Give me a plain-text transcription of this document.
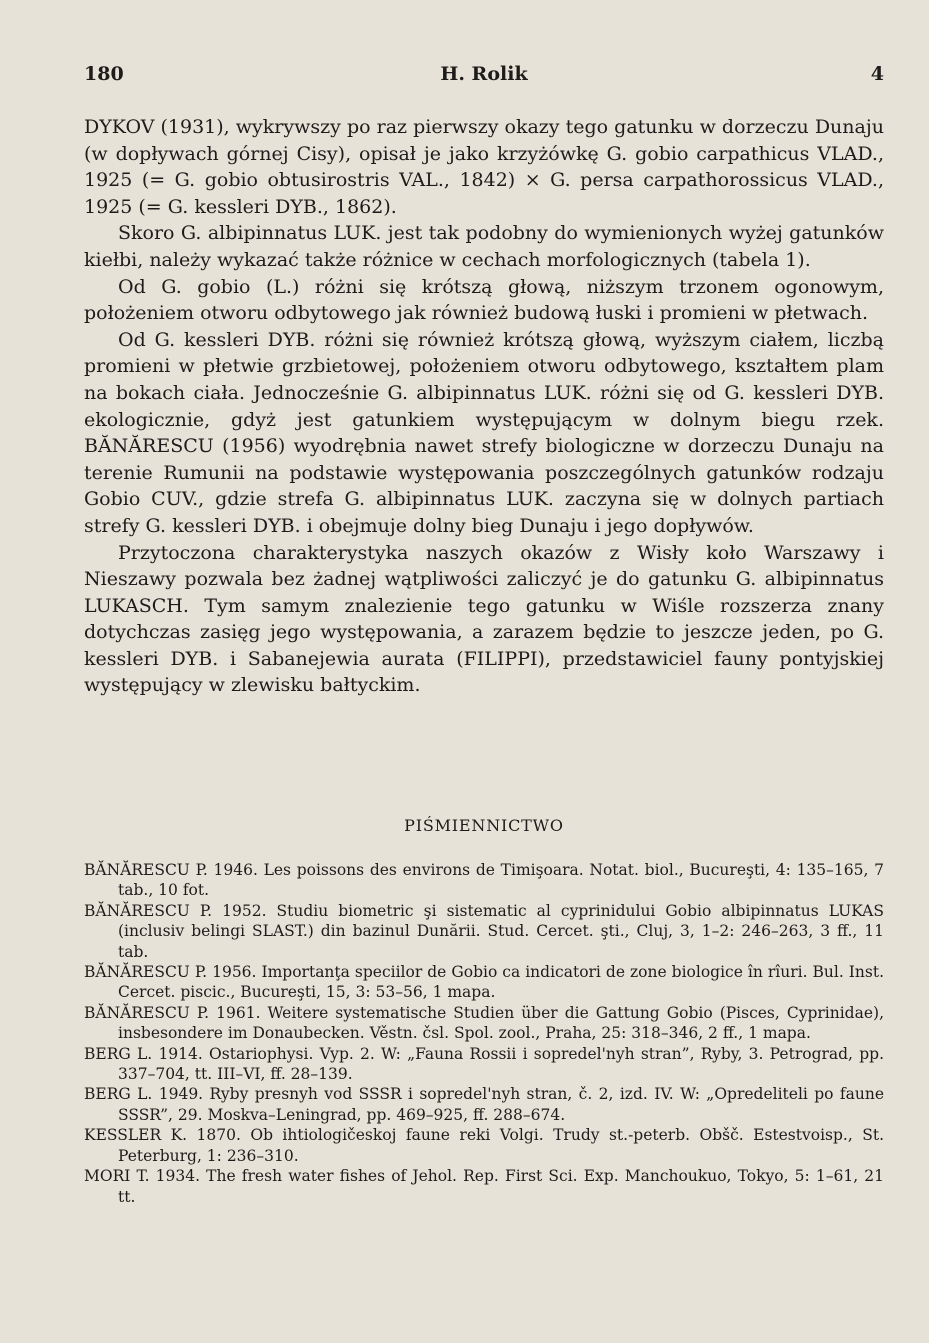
180	H. Rolik	4

DYKOV (1931), wykrywszy po raz pierwszy okazy tego gatunku w dorzeczu Dunaju (w dopływach górnej Cisy), opisał je jako krzyżówkę G. gobio carpathicus VLAD., 1925 (= G. gobio obtusirostris VAL., 1842) × G. persa carpathorossicus VLAD., 1925 (= G. kessleri DYB., 1862).

Skoro G. albipinnatus LUK. jest tak podobny do wymienionych wyżej gatunków kiełbi, należy wykazać także różnice w cechach morfologicznych (tabela 1).

Od G. gobio (L.) różni się krótszą głową, niższym trzonem ogonowym, położeniem otworu odbytowego jak również budową łuski i promieni w płetwach.

Od G. kessleri DYB. różni się również krótszą głową, wyższym ciałem, liczbą promieni w płetwie grzbietowej, położeniem otworu odbytowego, kształtem plam na bokach ciała. Jednocześnie G. albipinnatus LUK. różni się od G. kessleri DYB. ekologicznie, gdyż jest gatunkiem występującym w dolnym biegu rzek. BĂNĂRESCU (1956) wyodrębnia nawet strefy biologiczne w dorzeczu Dunaju na terenie Rumunii na podstawie występowania poszczególnych gatunków rodzaju Gobio CUV., gdzie strefa G. albipinnatus LUK. zaczyna się w dolnych partiach strefy G. kessleri DYB. i obejmuje dolny bieg Dunaju i jego dopływów.

Przytoczona charakterystyka naszych okazów z Wisły koło Warszawy i Nieszawy pozwala bez żadnej wątpliwości zaliczyć je do gatunku G. albipinnatus LUKASCH. Tym samym znalezienie tego gatunku w Wiśle rozszerza znany dotychczas zasięg jego występowania, a zarazem będzie to jeszcze jeden, po G. kessleri DYB. i Sabanejewia aurata (FILIPPI), przedstawiciel fauny pontyjskiej występujący w zlewisku bałtyckim.

PIŚMIENNICTWO

BĂNĂRESCU P. 1946. Les poissons des environs de Timişoara. Notat. biol., Bucureşti, 4: 135–165, 7 tab., 10 fot.

BĂNĂRESCU P. 1952. Studiu biometric şi sistematic al cyprinidului Gobio albipinnatus LUKAS (inclusiv belingi SLAST.) din bazinul Dunării. Stud. Cercet. şti., Cluj, 3, 1–2: 246–263, 3 ff., 11 tab.

BĂNĂRESCU P. 1956. Importanţa speciilor de Gobio ca indicatori de zone biologice în rîuri. Bul. Inst. Cercet. piscic., Bucureşti, 15, 3: 53–56, 1 mapa.

BĂNĂRESCU P. 1961. Weitere systematische Studien über die Gattung Gobio (Pisces, Cyprinidae), insbesondere im Donaubecken. Věstn. čsl. Spol. zool., Praha, 25: 318–346, 2 ff., 1 mapa.

BERG L. 1914. Ostariophysi. Vyp. 2. W: „Fauna Rossii i sopredel'nyh stran”, Ryby, 3. Petrograd, pp. 337–704, tt. III–VI, ff. 28–139.

BERG L. 1949. Ryby presnyh vod SSSR i sopredel'nyh stran, č. 2, izd. IV. W: „Opredeliteli po faune SSSR”, 29. Moskva–Leningrad, pp. 469–925, ff. 288–674.

KESSLER K. 1870. Ob ihtiologičeskoj faune reki Volgi. Trudy st.-peterb. Obšč. Estestvoisp., St. Peterburg, 1: 236–310.

MORI T. 1934. The fresh water fishes of Jehol. Rep. First Sci. Exp. Manchoukuo, Tokyo, 5: 1–61, 21 tt.
